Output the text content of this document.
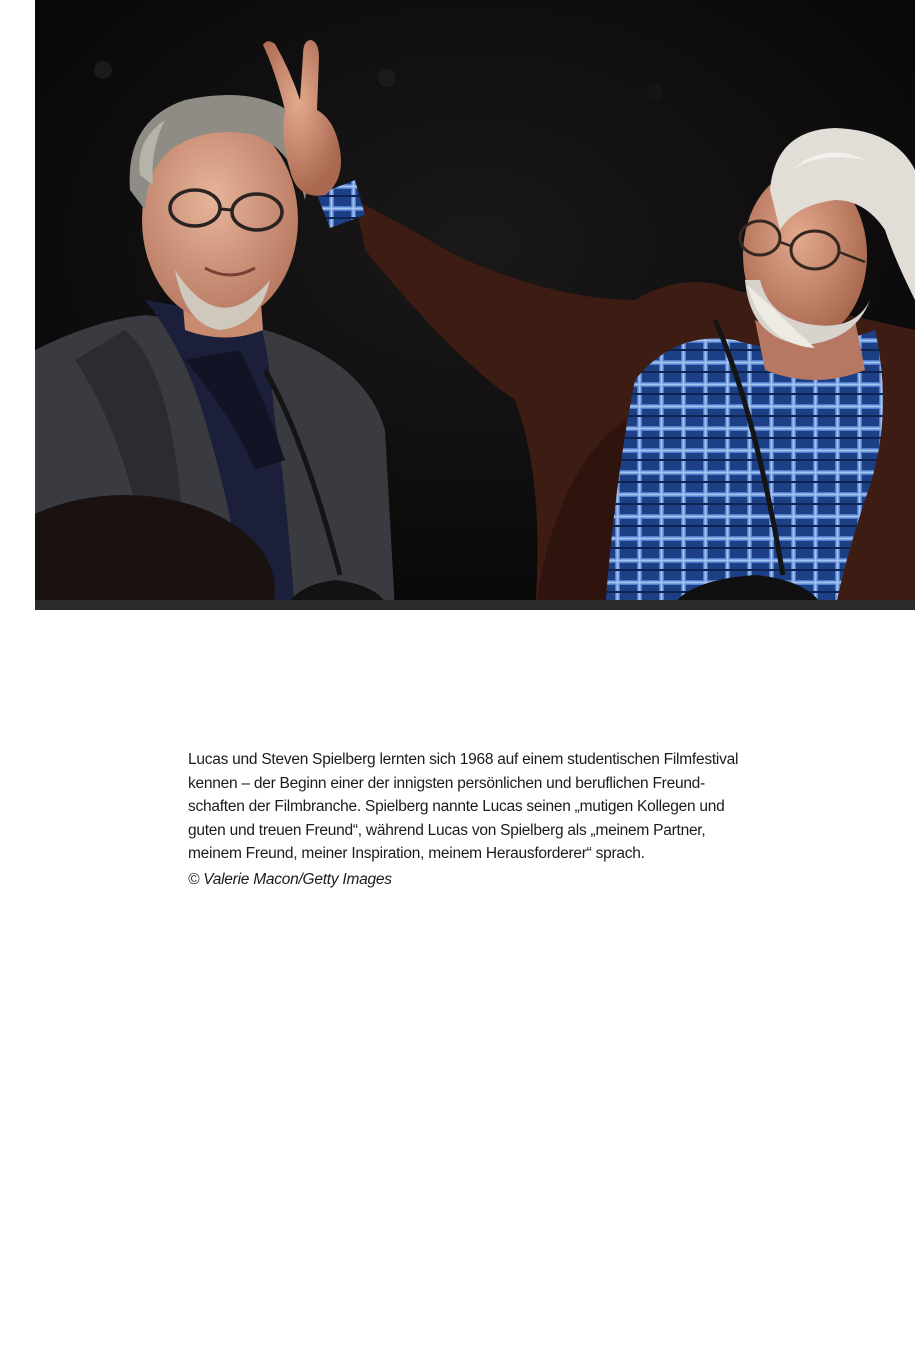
Lucas und Steven Spielberg lernten sich 1968 auf einem studentischen Filmfestival
kennen – der Beginn einer der innigsten persönlichen und beruflichen Freund-
schaften der Filmbranche. Spielberg nannte Lucas seinen „mutigen Kollegen und
guten und treuen Freund“, während Lucas von Spielberg als „meinem Partner,
meinem Freund, meiner Inspiration, meinem Herausforderer“ sprach.

© Valerie Macon/Getty Images
